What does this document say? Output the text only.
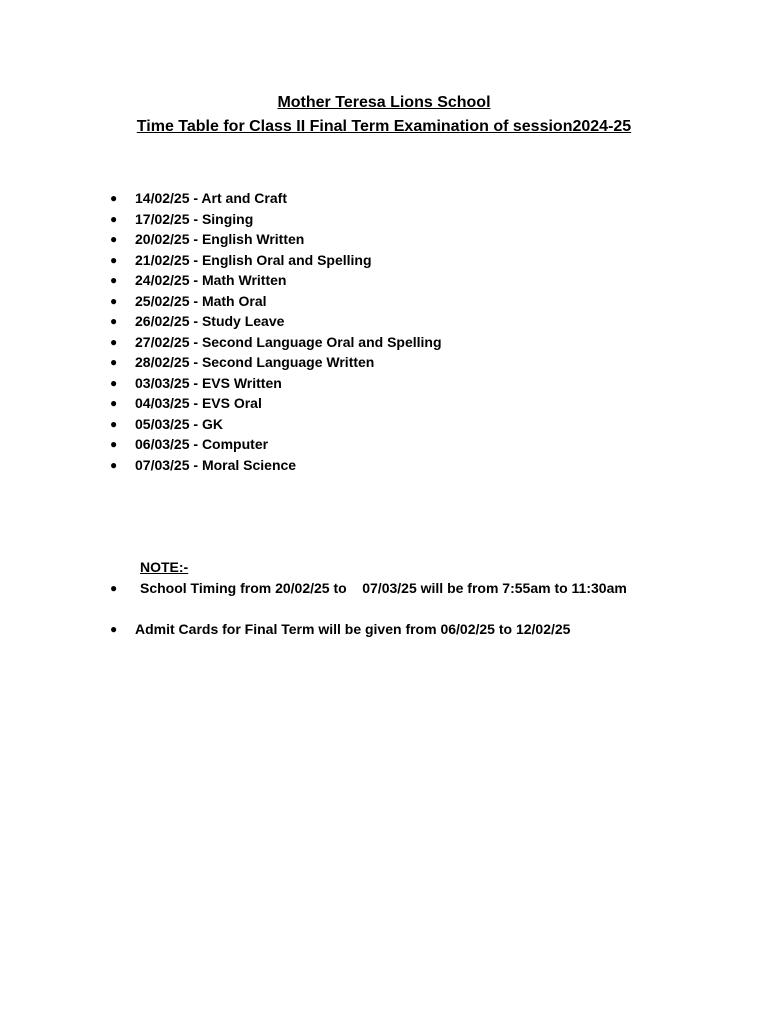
Mother Teresa Lions School
Time Table for Class II Final Term Examination of session2024-25
● 14/02/25 - Art and Craft
● 17/02/25 - Singing
● 20/02/25 - English Written
● 21/02/25 - English Oral and Spelling
● 24/02/25 - Math Written
● 25/02/25 - Math Oral
● 26/02/25 - Study Leave
● 27/02/25 - Second Language Oral and Spelling
● 28/02/25 - Second Language Written
● 03/03/25 - EVS Written
● 04/03/25 - EVS Oral
● 05/03/25 - GK
● 06/03/25 - Computer
● 07/03/25 - Moral Science
NOTE:-
● School Timing from 20/02/25 to    07/03/25 will be from 7:55am to 11:30am
● Admit Cards for Final Term will be given from 06/02/25 to 12/02/25
